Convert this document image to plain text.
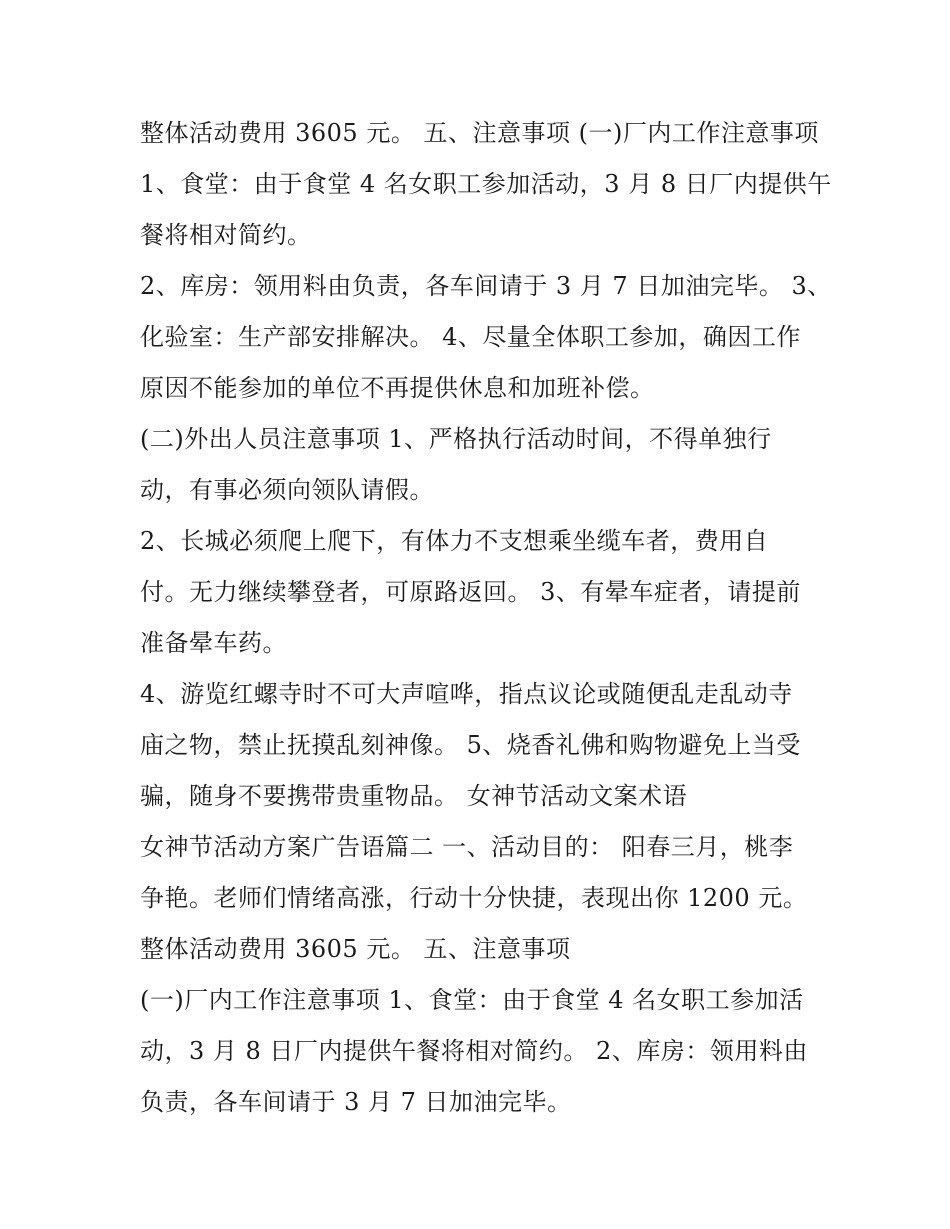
整体活动费用 3605 元。 五、注意事项 (一)厂内工作注意事项
1、食堂：由于食堂 4 名女职工参加活动，3 月 8 日厂内提供午
餐将相对简约。
2、库房：领用料由负责，各车间请于 3 月 7 日加油完毕。 3、
化验室：生产部安排解决。 4、尽量全体职工参加，确因工作
原因不能参加的单位不再提供休息和加班补偿。
(二)外出人员注意事项 1、严格执行活动时间，不得单独行
动，有事必须向领队请假。
2、长城必须爬上爬下，有体力不支想乘坐缆车者，费用自
付。无力继续攀登者，可原路返回。 3、有晕车症者，请提前
准备晕车药。
4、游览红螺寺时不可大声喧哗，指点议论或随便乱走乱动寺
庙之物，禁止抚摸乱刻神像。 5、烧香礼佛和购物避免上当受
骗，随身不要携带贵重物品。 女神节活动文案术语
女神节活动方案广告语篇二 一、活动目的： 阳春三月，桃李
争艳。老师们情绪高涨，行动十分快捷，表现出你 1200 元。
整体活动费用 3605 元。 五、注意事项
(一)厂内工作注意事项 1、食堂：由于食堂 4 名女职工参加活
动，3 月 8 日厂内提供午餐将相对简约。 2、库房：领用料由
负责，各车间请于 3 月 7 日加油完毕。
